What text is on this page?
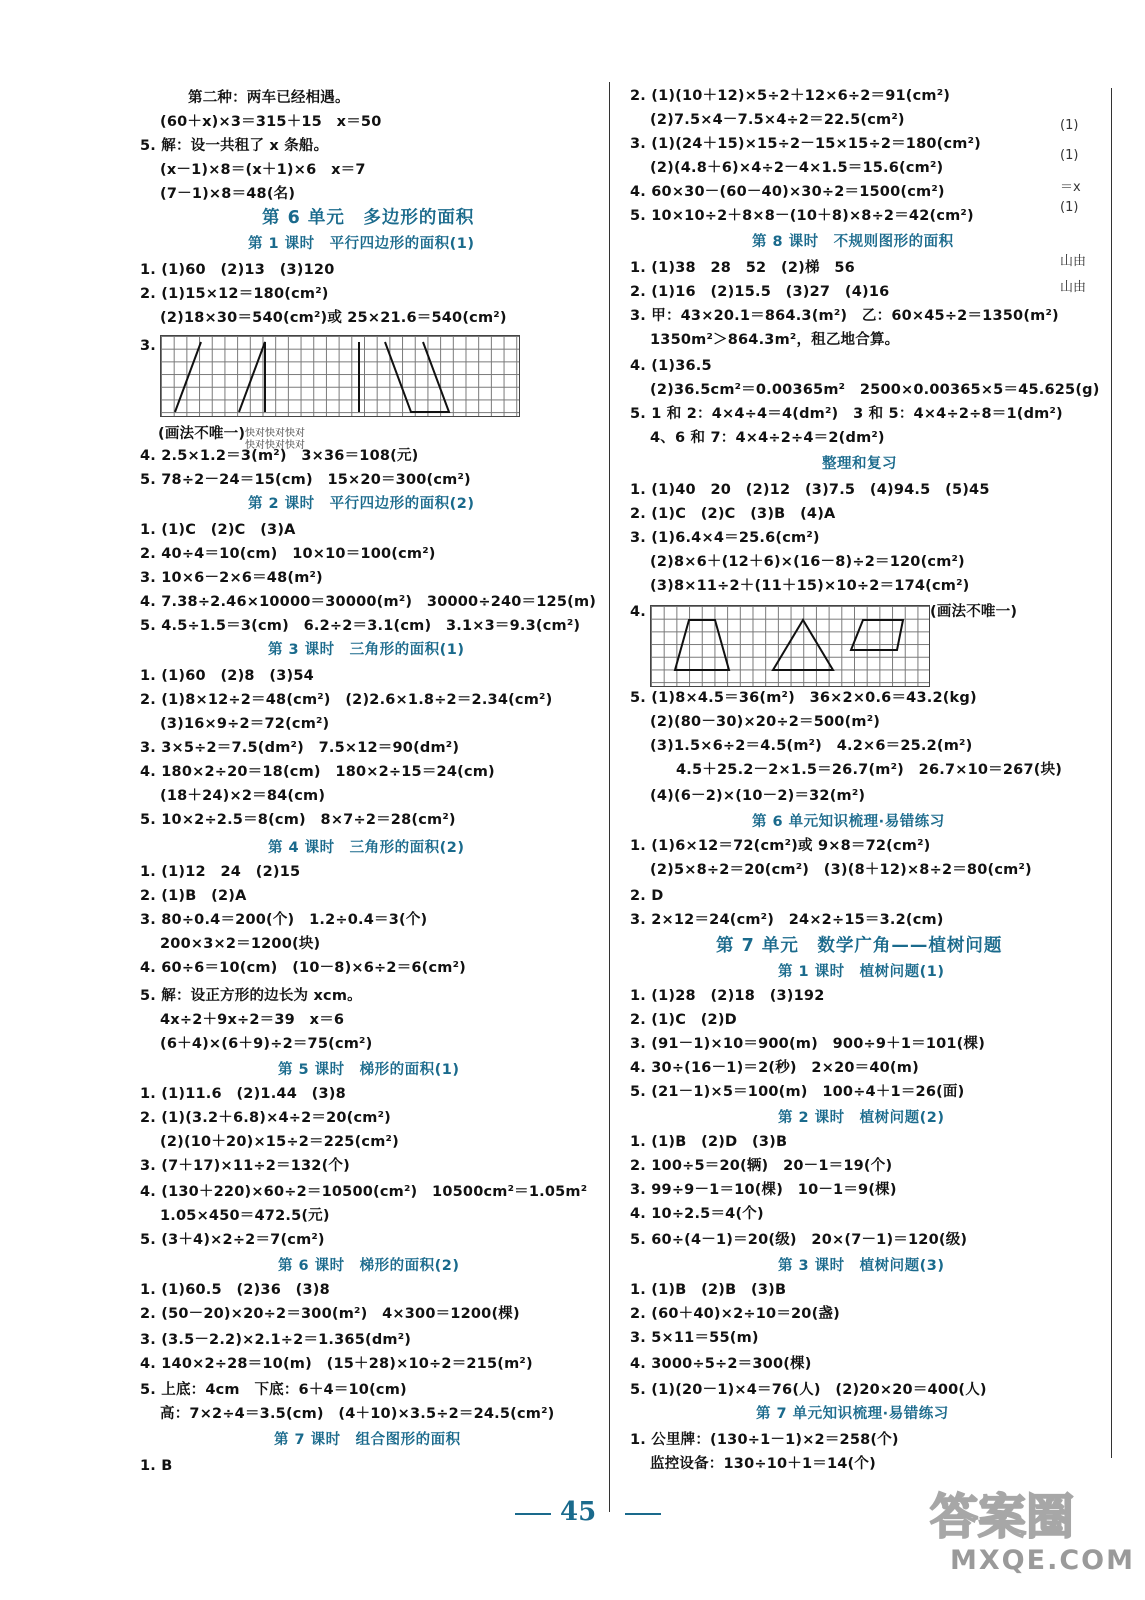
快对快对快对
快对快对快对
(画法不唯一)
(1)
(1)
＝x
(1)
山由
山由
45	答案圈
MXQE.COM
第二种：两车已经相遇。
(60＋x)×3＝315＋15　x＝50
5. 解：设一共租了 x 条船。
(x－1)×8＝(x＋1)×6　x＝7
(7－1)×8＝48(名)
第 6 单元　多边形的面积
第 1 课时　平行四边形的面积(1)
1. (1)60　(2)13　(3)120
2. (1)15×12＝180(cm²)
(2)18×30＝540(cm²)或 25×21.6＝540(cm²)
3.
(画法不唯一)
4. 2.5×1.2＝3(m²)　3×36＝108(元)
5. 78÷2－24＝15(cm)　15×20＝300(cm²)
第 2 课时　平行四边形的面积(2)
1. (1)C　(2)C　(3)A
2. 40÷4＝10(cm)　10×10＝100(cm²)
3. 10×6－2×6＝48(m²)
4. 7.38÷2.46×10000＝30000(m²)　30000÷240＝125(m)
5. 4.5÷1.5＝3(cm)　6.2÷2＝3.1(cm)　3.1×3＝9.3(cm²)
第 3 课时　三角形的面积(1)
1. (1)60　(2)8　(3)54
2. (1)8×12÷2＝48(cm²)　(2)2.6×1.8÷2＝2.34(cm²)
(3)16×9÷2＝72(cm²)
3. 3×5÷2＝7.5(dm²)　7.5×12＝90(dm²)
4. 180×2÷20＝18(cm)　180×2÷15＝24(cm)
(18＋24)×2＝84(cm)
5. 10×2÷2.5＝8(cm)　8×7÷2＝28(cm²)
第 4 课时　三角形的面积(2)
1. (1)12　24　(2)15
2. (1)B　(2)A
3. 80÷0.4＝200(个)　1.2÷0.4＝3(个)
200×3×2＝1200(块)
4. 60÷6＝10(cm)　(10－8)×6÷2＝6(cm²)
5. 解：设正方形的边长为 xcm。
4x÷2＋9x÷2＝39　x＝6
(6＋4)×(6＋9)÷2＝75(cm²)
第 5 课时　梯形的面积(1)
1. (1)11.6　(2)1.44　(3)8
2. (1)(3.2＋6.8)×4÷2＝20(cm²)
(2)(10＋20)×15÷2＝225(cm²)
3. (7＋17)×11÷2＝132(个)
4. (130＋220)×60÷2＝10500(cm²)　10500cm²＝1.05m²
1.05×450＝472.5(元)
5. (3＋4)×2÷2＝7(cm²)
第 6 课时　梯形的面积(2)
1. (1)60.5　(2)36　(3)8
2. (50－20)×20÷2＝300(m²)　4×300＝1200(棵)
3. (3.5－2.2)×2.1÷2＝1.365(dm²)
4. 140×2÷28＝10(m)　(15＋28)×10÷2＝215(m²)
5. 上底：4cm　下底：6＋4＝10(cm)
高：7×2÷4＝3.5(cm)　(4＋10)×3.5÷2＝24.5(cm²)
第 7 课时　组合图形的面积
1. B
2. (1)(10＋12)×5÷2＋12×6÷2＝91(cm²)
(2)7.5×4－7.5×4÷2＝22.5(cm²)
3. (1)(24＋15)×15÷2－15×15÷2＝180(cm²)
(2)(4.8＋6)×4÷2－4×1.5＝15.6(cm²)
4. 60×30－(60－40)×30÷2＝1500(cm²)
5. 10×10÷2＋8×8－(10＋8)×8÷2＝42(cm²)
第 8 课时　不规则图形的面积
1. (1)38　28　52　(2)梯　56
2. (1)16　(2)15.5　(3)27　(4)16
3. 甲：43×20.1＝864.3(m²)　乙：60×45÷2＝1350(m²)
1350m²＞864.3m²，租乙地合算。
4. (1)36.5
(2)36.5cm²＝0.00365m²　2500×0.00365×5＝45.625(g)
5. 1 和 2：4×4÷4＝4(dm²)　3 和 5：4×4÷2÷8＝1(dm²)
4、6 和 7：4×4÷2÷4＝2(dm²)
整理和复习
1. (1)40　20　(2)12　(3)7.5　(4)94.5　(5)45
2. (1)C　(2)C　(3)B　(4)A
3. (1)6.4×4＝25.6(cm²)
(2)8×6＋(12＋6)×(16－8)÷2＝120(cm²)
(3)8×11÷2＋(11＋15)×10÷2＝174(cm²)
4.
5. (1)8×4.5＝36(m²)　36×2×0.6＝43.2(kg)
(2)(80－30)×20÷2＝500(m²)
(3)1.5×6÷2＝4.5(m²)　4.2×6＝25.2(m²)
4.5＋25.2－2×1.5＝26.7(m²)　26.7×10＝267(块)
(4)(6－2)×(10－2)＝32(m²)
第 6 单元知识梳理·易错练习
1. (1)6×12＝72(cm²)或 9×8＝72(cm²)
(2)5×8÷2＝20(cm²)　(3)(8＋12)×8÷2＝80(cm²)
2. D
3. 2×12＝24(cm²)　24×2÷15＝3.2(cm)
第 7 单元　数学广角——植树问题
第 1 课时　植树问题(1)
1. (1)28　(2)18　(3)192
2. (1)C　(2)D
3. (91－1)×10＝900(m)　900÷9＋1＝101(棵)
4. 30÷(16－1)＝2(秒)　2×20＝40(m)
5. (21－1)×5＝100(m)　100÷4＋1＝26(面)
第 2 课时　植树问题(2)
1. (1)B　(2)D　(3)B
2. 100÷5＝20(辆)　20－1＝19(个)
3. 99÷9－1＝10(棵)　10－1＝9(棵)
4. 10÷2.5＝4(个)
5. 60÷(4－1)＝20(级)　20×(7－1)＝120(级)
第 3 课时　植树问题(3)
1. (1)B　(2)B　(3)B
2. (60＋40)×2÷10＝20(盏)
3. 5×11＝55(m)
4. 3000÷5÷2＝300(棵)
5. (1)(20－1)×4＝76(人)　(2)20×20＝400(人)
第 7 单元知识梳理·易错练习
1. 公里牌：(130÷1－1)×2＝258(个)
监控设备：130÷10＋1＝14(个)
